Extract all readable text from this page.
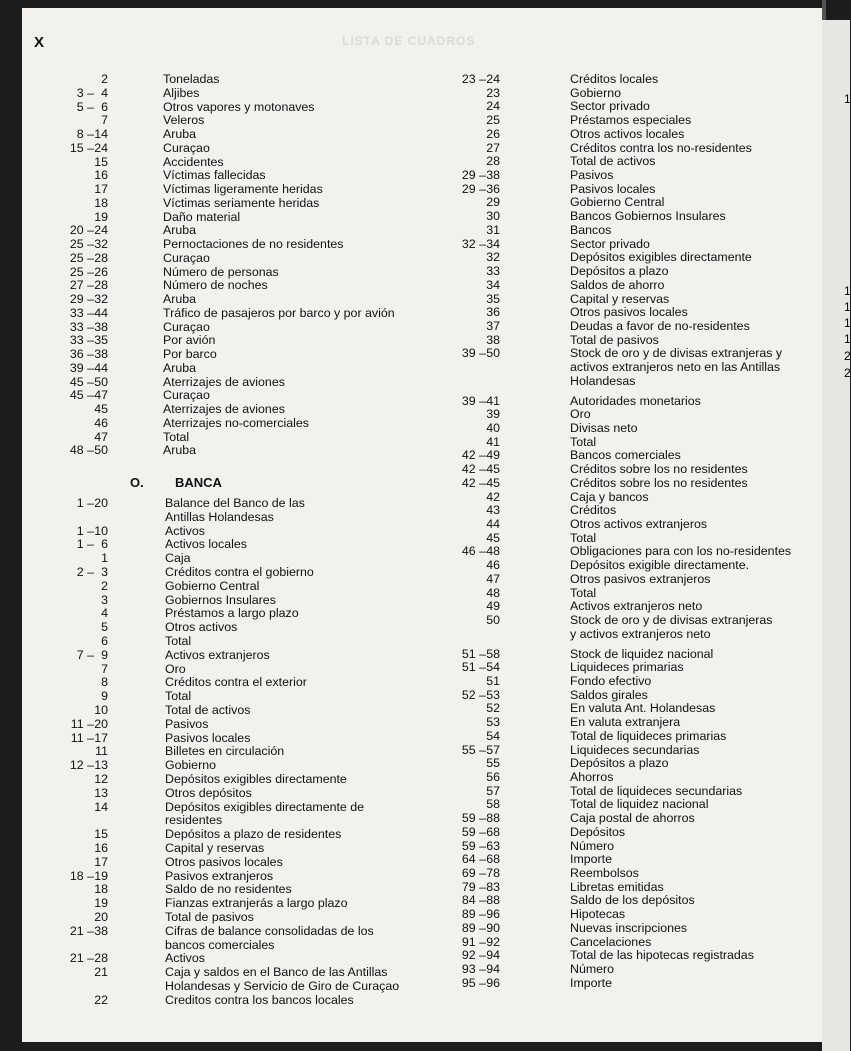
1
1
1
1
1
2
2
LISTA DE CUADROS
X
2	Toneladas
3 – 4	Aljibes
5 – 6	Otros vapores y motonaves
7	Veleros
8 – 14	Aruba
15 – 24	Curaçao
15	Accidentes
16	Víctimas fallecidas
17	Víctimas ligeramente heridas
18	Víctimas seriamente heridas
19	Daño material
20 – 24	Aruba
25 – 32	Pernoctaciones de no residentes
25 – 28	Curaçao
25 – 26	Número de personas
27 – 28	Número de noches
29 – 32	Aruba
33 – 44	Tráfico de pasajeros por barco y por avión
33 – 38	Curaçao
33 – 35	Por avión
36 – 38	Por barco
39 – 44	Aruba
45 – 50	Aterrizajes de aviones
45 – 47	Curaçao
45	Aterrizajes de aviones
46	Aterrizajes no-comerciales
47	Total
48 – 50	Aruba
O. BANCA
1 – 20	Balance del Banco de las
Antillas Holandesas
1 – 10	Activos
1 – 6	Activos locales
1	Caja
2 – 3	Créditos contra el gobierno
2	Gobierno Central
3	Gobiernos Insulares
4	Préstamos a largo plazo
5	Otros activos
6	Total
7 – 9	Activos extranjeros
7	Oro
8	Créditos contra el exterior
9	Total
10	Total de activos
11 – 20	Pasivos
11 – 17	Pasivos locales
11	Billetes en circulación
12 – 13	Gobierno
12	Depósitos exigibles directamente
13	Otros depósitos
14	Depósitos exigibles directamente de
residentes
15	Depósitos a plazo de residentes
16	Capital y reservas
17	Otros pasivos locales
18 – 19	Pasivos extranjeros
18	Saldo de no residentes
19	Fianzas extranjerás a largo plazo
20	Total de pasivos
21 – 38	Cifras de balance consolidadas de los
bancos comerciales
21 – 28	Activos
21	Caja y saldos en el Banco de las Antillas
Holandesas y Servicio de Giro de Curaçao
22	Creditos contra los bancos locales
23 – 24	Créditos locales
23	Gobierno
24	Sector privado
25	Préstamos especiales
26	Otros activos locales
27	Créditos contra los no-residentes
28	Total de activos
29 – 38	Pasivos
29 – 36	Pasivos locales
29	Gobierno Central
30	Bancos Gobiernos Insulares
31	Bancos
32 – 34	Sector privado
32	Depósitos exigibles directamente
33	Depósitos a plazo
34	Saldos de ahorro
35	Capital y reservas
36	Otros pasivos locales
37	Deudas a favor de no-residentes
38	Total de pasivos
39 – 50	Stock de oro y de divisas extranjeras y
activos extranjeros neto en las Antillas
Holandesas
39 – 41	Autoridades monetarios
39	Oro
40	Divisas neto
41	Total
42 – 49	Bancos comerciales
42 – 45	Créditos sobre los no residentes
42 – 45	Créditos sobre los no residentes
42	Caja y bancos
43	Créditos
44	Otros activos extranjeros
45	Total
46 – 48	Obligaciones para con los no-residentes
46	Depósitos exigible directamente.
47	Otros pasivos extranjeros
48	Total
49	Activos extranjeros neto
50	Stock de oro y de divisas extranjeras
y activos extranjeros neto
51 – 58	Stock de liquidez nacional
51 – 54	Liquideces primarias
51	Fondo efectivo
52 – 53	Saldos girales
52	En valuta Ant. Holandesas
53	En valuta extranjera
54	Total de liquideces primarias
55 – 57	Liquideces secundarias
55	Depósitos a plazo
56	Ahorros
57	Total de liquideces secundarias
58	Total de liquidez nacional
59 – 88	Caja postal de ahorros
59 – 68	Depósitos
59 – 63	Número
64 – 68	Importe
69 – 78	Reembolsos
79 – 83	Libretas emitidas
84 – 88	Saldo de los depósitos
89 – 96	Hipotecas
89 – 90	Nuevas inscripciones
91 – 92	Cancelaciones
92 – 94	Total de las hipotecas registradas
93 – 94	Número
95 – 96	Importe
